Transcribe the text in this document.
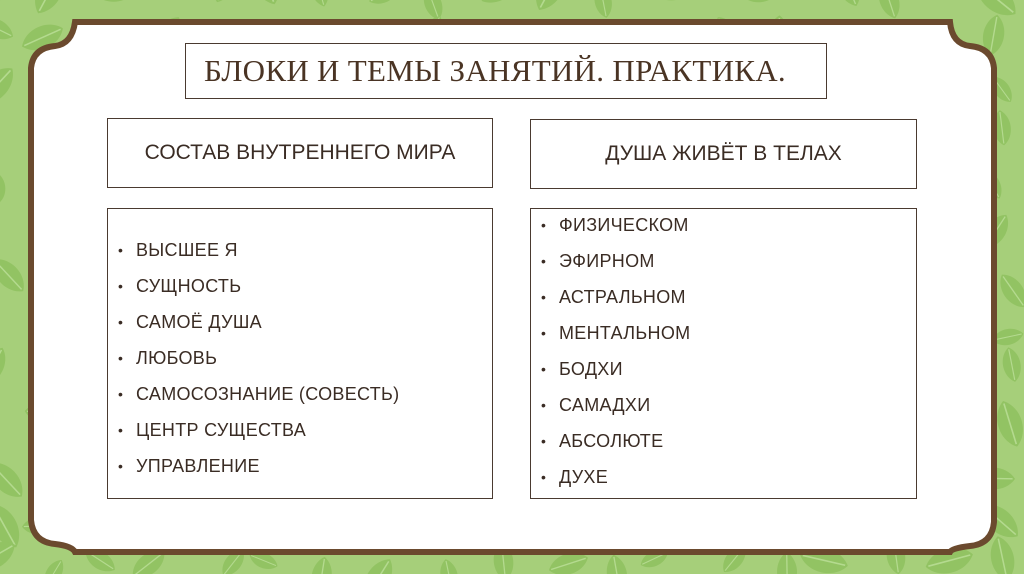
БЛОКИ И ТЕМЫ ЗАНЯТИЙ. ПРАКТИКА.
СОСТАВ ВНУТРЕННЕГО МИРА	ДУША ЖИВЁТ В ТЕЛАХ
• ВЫСШЕЕ Я
• СУЩНОСТЬ
• САМОЁ ДУША
• ЛЮБОВЬ
• САМОСОЗНАНИЕ (СОВЕСТЬ)
• ЦЕНТР СУЩЕСТВА
• УПРАВЛЕНИЕ
• ФИЗИЧЕСКОМ
• ЭФИРНОМ
• АСТРАЛЬНОМ
• МЕНТАЛЬНОМ
• БОДХИ
• САМАДХИ
• АБСОЛЮТЕ
• ДУХЕ
